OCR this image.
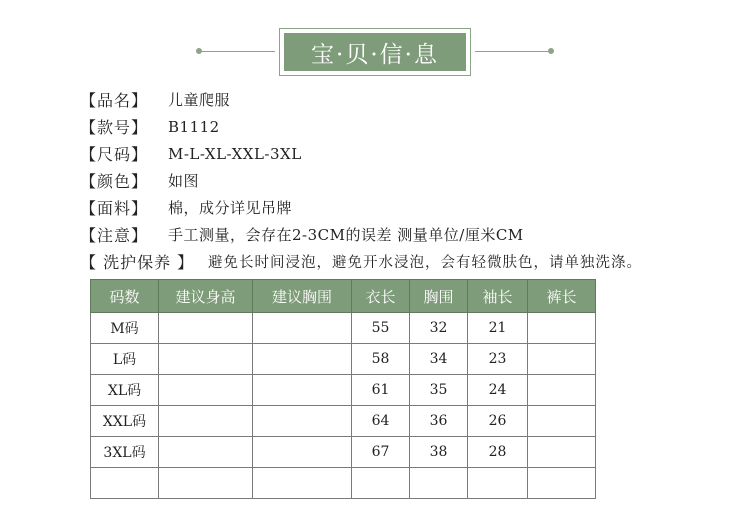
宝·贝·信·息
【品名】	儿童爬服
【款号】	B1112
【尺码】	M-L-XL-XXL-3XL
【颜色】	如图
【面料】	棉，成分详见吊牌
【注意】	手工测量，会存在2-3CM的误差 测量单位/厘米CM
【 洗护保养 】 避免长时间浸泡，避免开水浸泡，会有轻微肤色，请单独洗涤。
码数	建议身高	建议胸围	衣长	胸围	袖长	裤长
M码			55	32	21	
L码			58	34	23	
XL码			61	35	24	
XXL码			64	36	26	
3XL码			67	38	28	
